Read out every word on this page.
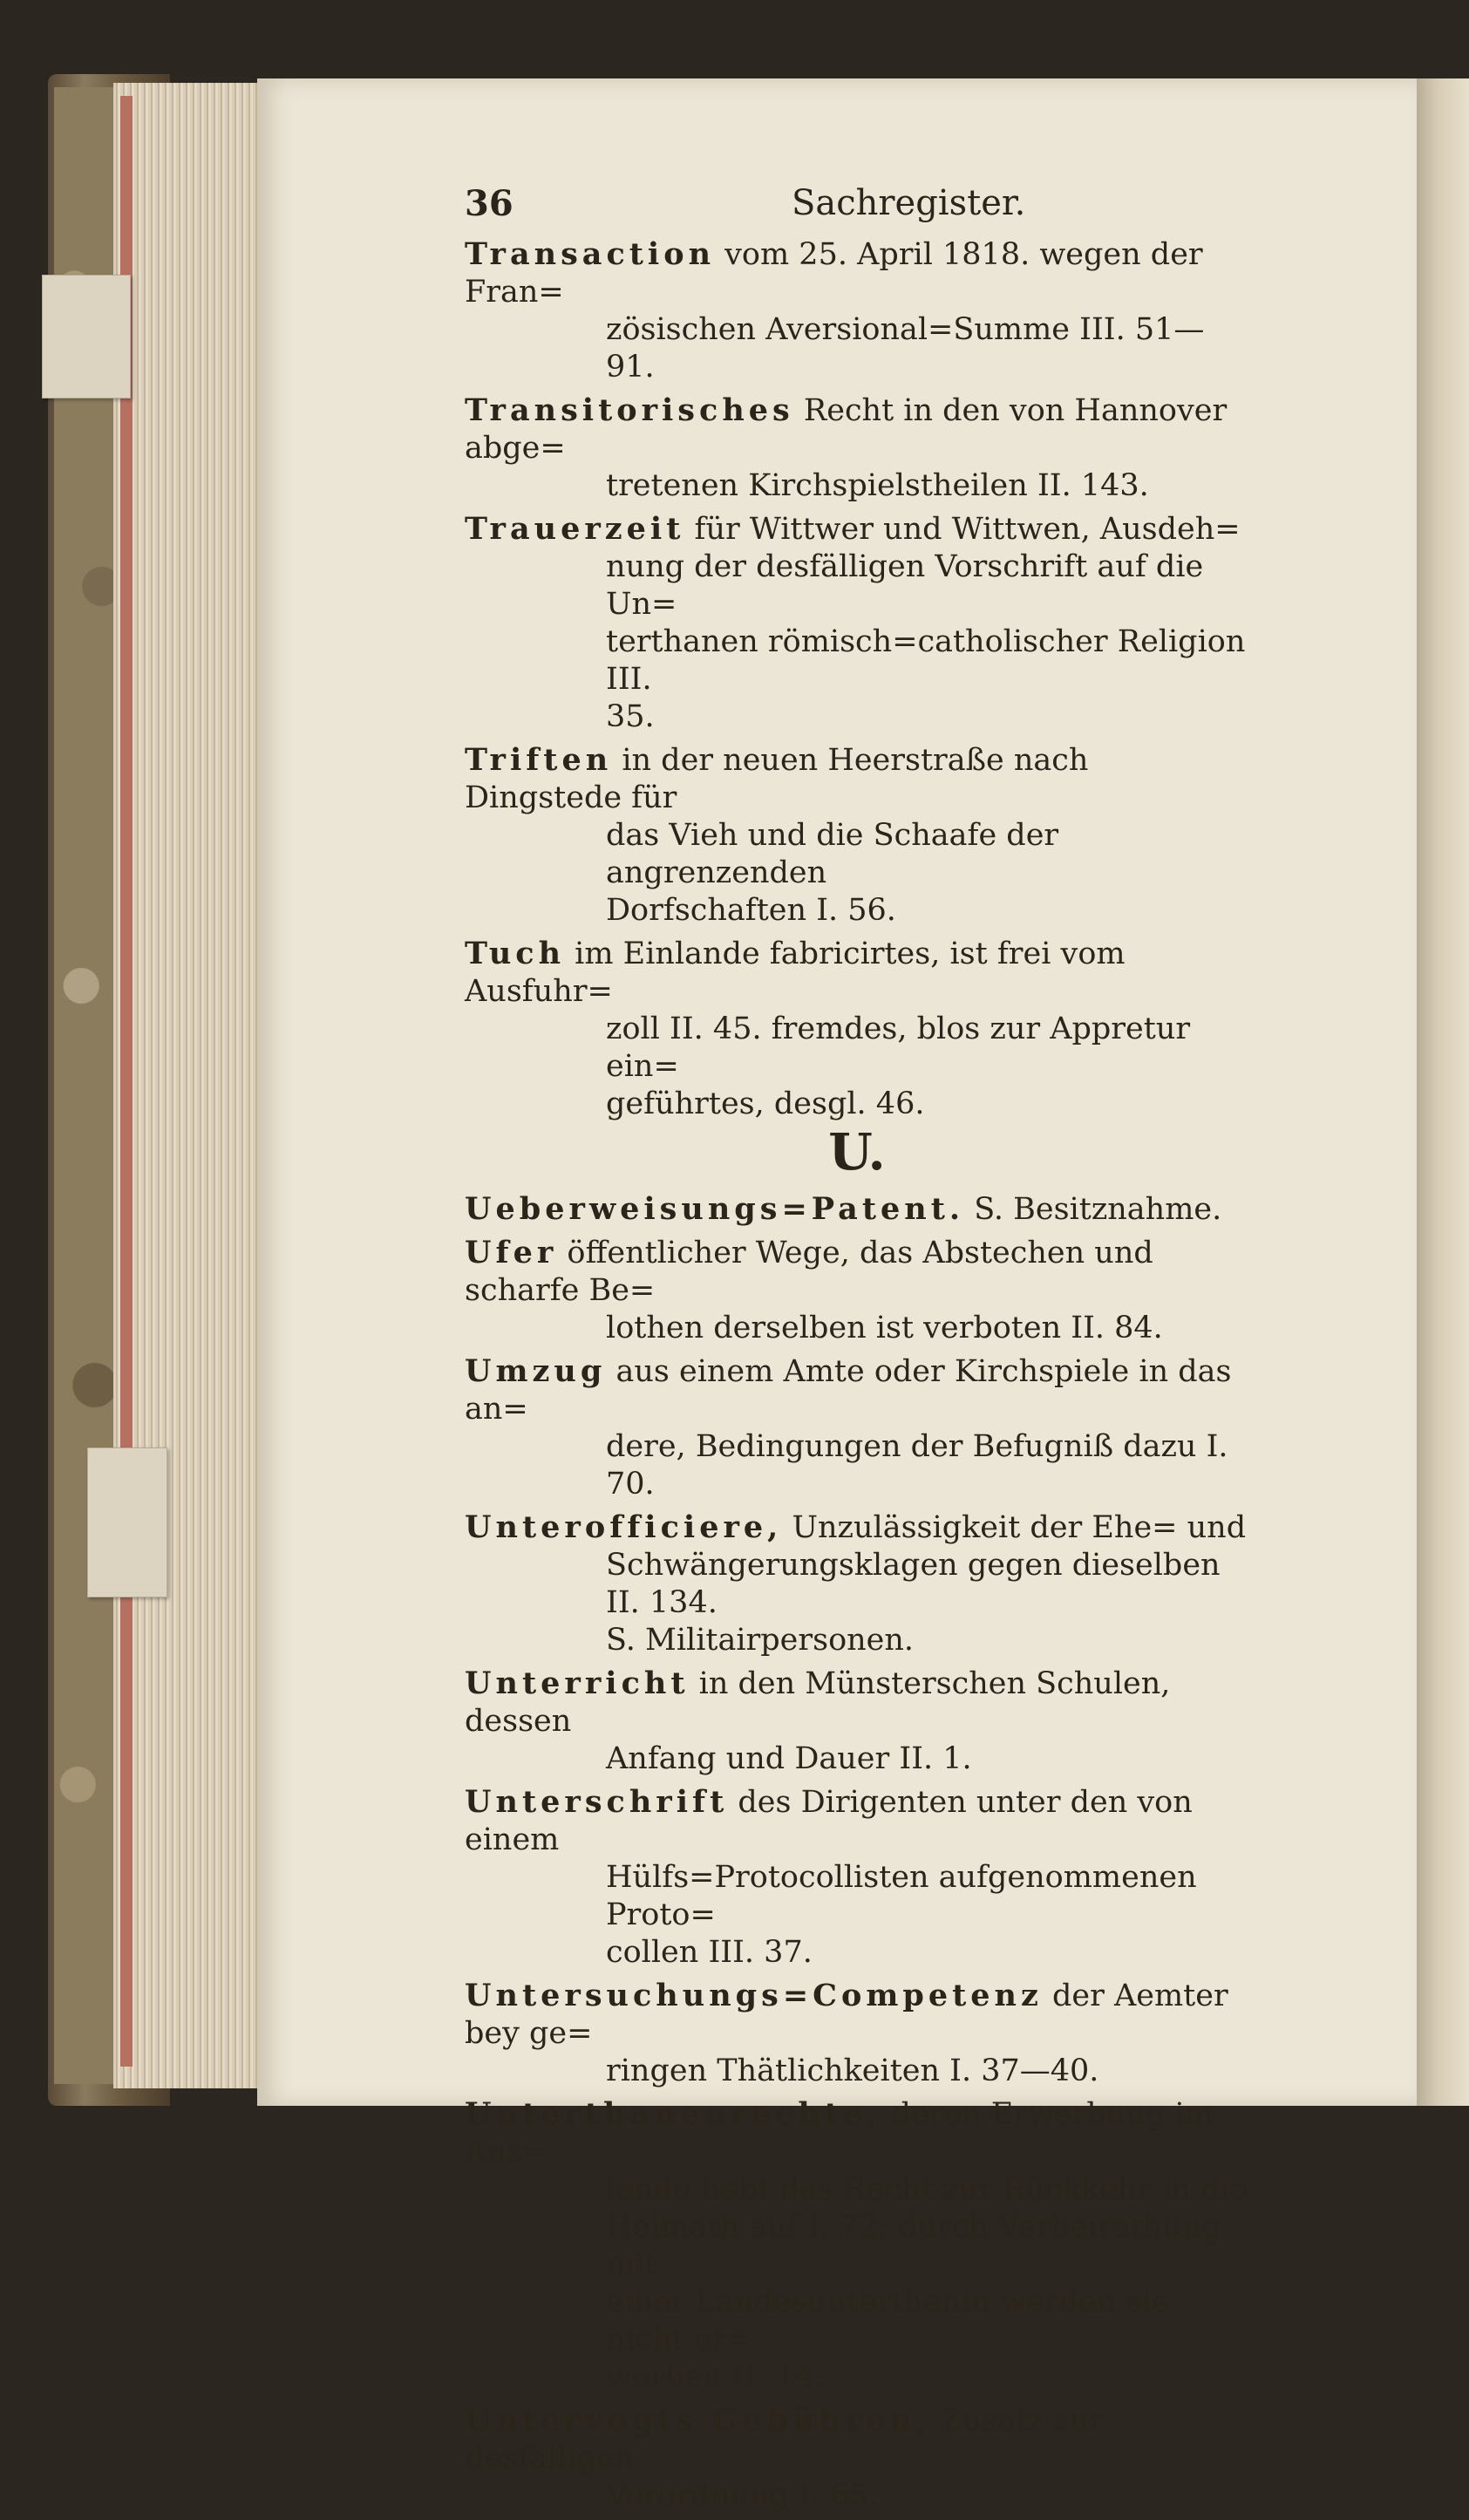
36	Sachregister.
Transaction vom 25. April 1818. wegen der Fran=
zösischen Aversional=Summe III. 51—91.
Transitorisches Recht in den von Hannover abge=
tretenen Kirchspielstheilen II. 143.
Trauerzeit für Wittwer und Wittwen, Ausdeh=
nung der desfälligen Vorschrift auf die Un=
terthanen römisch=catholischer Religion III.
35.
Triften in der neuen Heerstraße nach Dingstede für
das Vieh und die Schaafe der angrenzenden
Dorfschaften I. 56.
Tuch im Einlande fabricirtes, ist frei vom Ausfuhr=
zoll II. 45. fremdes, blos zur Appretur ein=
geführtes, desgl. 46.
U.
Ueberweisungs=Patent. S. Besitznahme.
Ufer öffentlicher Wege, das Abstechen und scharfe Be=
lothen derselben ist verboten II. 84.
Umzug aus einem Amte oder Kirchspiele in das an=
dere, Bedingungen der Befugniß dazu I. 70.
Unterofficiere, Unzulässigkeit der Ehe= und
Schwängerungsklagen gegen dieselben II. 134.
S. Militairpersonen.
Unterricht in den Münsterschen Schulen, dessen
Anfang und Dauer II. 1.
Unterschrift des Dirigenten unter den von einem
Hülfs=Protocollisten aufgenommenen Proto=
collen III. 37.
Untersuchungs=Competenz der Aemter bey ge=
ringen Thätlichkeiten I. 37—40.
Unterthanenrechte, deren Erwerbung im Aus=
lande hebt das Recht zur Rückkehr in die
Heimath auf I. 72; durch Verheirathung mit
einer Landesunterthanin werden sie nicht er=
worben II. 14.
Untervogts Gebühren, Zusatz zur desfälligen
Verordnung I. 65.
